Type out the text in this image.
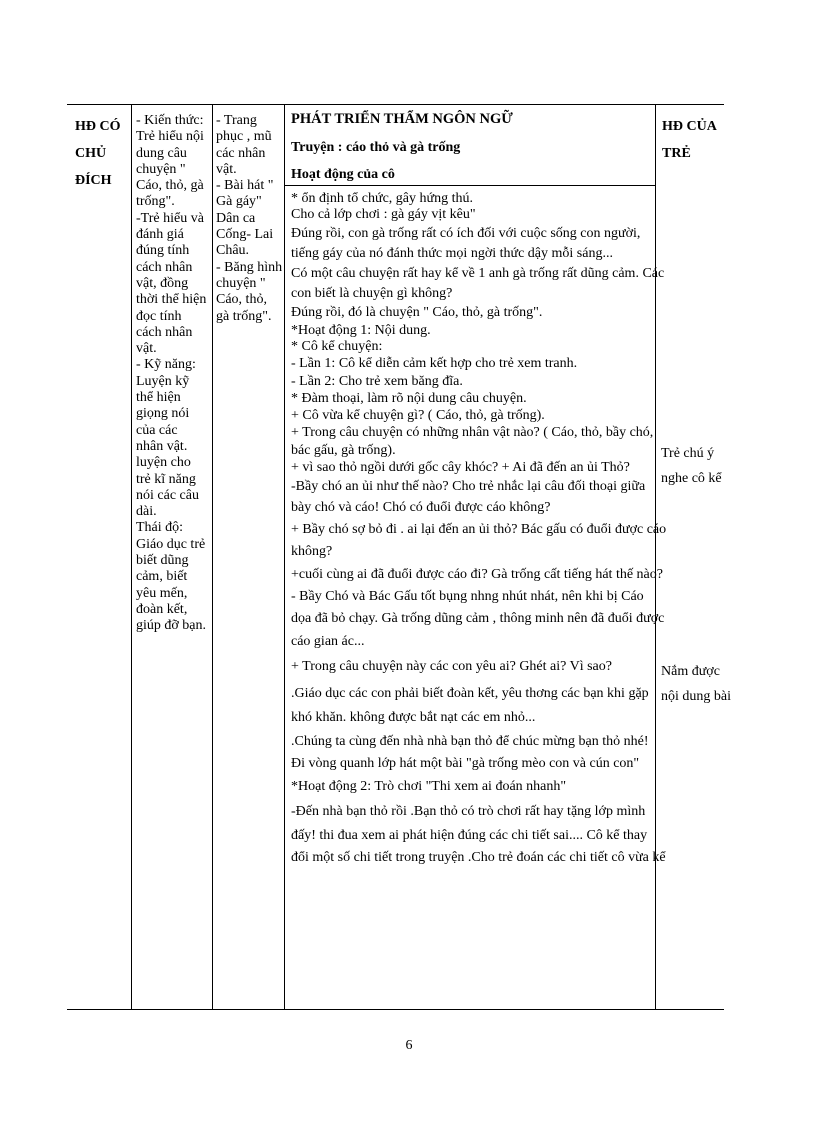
HĐ CÓ
CHỦ
ĐÍCH
- Kiến thức:
Trẻ hiểu nội
dung câu
chuyện "
Cáo, thỏ, gà
trống".
-Trẻ hiểu và
đánh giá
đúng tính
cách nhân
vật, đồng
thời thể hiện
đọc tính
cách nhân
vật.
- Kỹ năng:
Luyện kỹ
thể hiện
giọng nói
của các
nhân vật.
luyện cho
trẻ kĩ năng
nói các câu
dài.
Thái độ:
Giáo dục trẻ
biết dũng
cảm, biết
yêu mến,
đoàn kết,
giúp đỡ bạn.
- Trang
phục , mũ
các nhân
vật.
- Bài hát "
Gà gáy"
Dân ca
Cống- Lai
Châu.
- Băng hình
chuyện "
Cáo, thỏ,
gà trống".
PHÁT TRIỂN THẨM NGÔN NGỮ
Truyện : cáo thỏ và gà trống
Hoạt động của cô
* ổn định tổ chức, gây hứng thú.
Cho cả lớp chơi : gà gáy vịt kêu"
Đúng rồi, con gà trống rất có ích đối với cuộc sống con người,
tiếng gáy của nó đánh thức mọi ngời thức dậy mỗi sáng...
Có một câu chuyện rất hay kể về 1 anh gà trống rất dũng cảm. Các
con biết là chuyện gì không?
Đúng rồi, đó là chuyện " Cáo, thỏ, gà trống".
*Hoạt động 1: Nội dung.
* Cô kể chuyện:
- Lần 1: Cô kể diễn cảm kết hợp cho trẻ xem tranh.
- Lần 2: Cho trẻ xem băng đĩa.
* Đàm thoại, làm rõ nội dung câu chuyện.
+ Cô vừa kể chuyện gì? ( Cáo, thỏ, gà trống).
+ Trong câu chuyện có những nhân vật nào? ( Cáo, thỏ, bầy chó,
bác gấu, gà trống).
+ vì sao thỏ ngồi dưới gốc cây khóc? + Ai đã đến an ủi Thỏ?
-Bầy chó an ủi như thế nào? Cho trẻ nhắc lại câu đối thoại giữa
bày chó và cáo! Chó có đuổi được cáo không?
+ Bầy chó sợ bỏ đi . ai lại đến an ủi thỏ? Bác gấu có đuổi được cáo
không?
+cuối cùng ai đã đuổi được cáo đi? Gà trống cất tiếng hát thế nào?
- Bầy Chó và Bác Gấu tốt bụng nhng nhút nhát, nên khi bị Cáo
dọa đã bỏ chạy. Gà trống dũng cảm , thông minh nên đã đuổi được
cáo gian ác...
+ Trong câu chuyện này các con yêu ai? Ghét ai? Vì sao?
.Giáo dục các con phải biết đoàn kết, yêu thơng các bạn khi gặp
khó khăn. không được bắt nạt các em nhỏ...
.Chúng ta cùng đến nhà nhà bạn thỏ để chúc mừng bạn thỏ nhé!
Đi vòng quanh lớp hát một bài "gà trống mèo con và cún con"
*Hoạt động 2: Trò chơi "Thi xem ai đoán nhanh"
-Đến nhà bạn thỏ rồi .Bạn thỏ có trò chơi rất hay tặng lớp mình
đấy! thi đua xem ai phát hiện đúng các chi tiết sai.... Cô kể thay
đổi một số chi tiết trong truyện .Cho trẻ đoán các chi tiết cô vừa kể
HĐ CỦA
TRẺ
Trẻ chú ý
nghe cô kể
Nắm được
nội dung bài
6
